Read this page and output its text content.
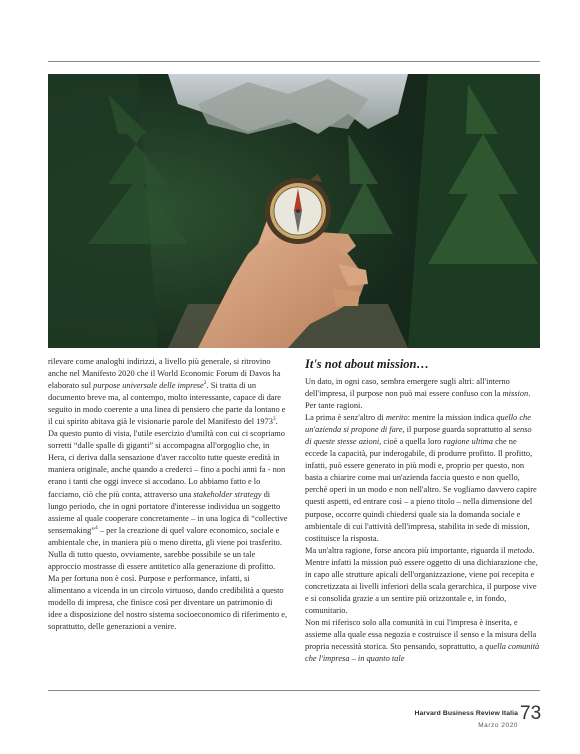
rilevare come analoghi indirizzi, a livello più generale, si ritrovino anche nel Manifesto 2020 che il World Economic Forum di Davos ha elaborato sul purpose universale delle imprese$^2$. Si tratta di un documento breve ma, al contempo, molto interessante, capace di dare seguito in modo coerente a una linea di pensiero che parte da lontano e il cui spirito abitava già le visionarie parole del Manifesto del 1973$^3$. Da questo punto di vista, l'utile esercizio d'umiltà con cui ci scopriamo sorretti “dalle spalle di giganti” si accompagna all'orgoglio che, in Hera, ci deriva dalla sensazione d'aver raccolto tutte queste eredità in maniera originale, anche quando a crederci – fino a pochi anni fa - non erano i tanti che oggi invece si accodano. Lo abbiamo fatto e lo facciamo, ciò che più conta, attraverso una stakeholder strategy di lungo periodo, che in ogni portatore d'interesse individua un soggetto assieme al quale cooperare concretamente – in una logica di “collective sensemaking”$^4$ – per la creazione di quel valore economico, sociale e ambientale che, in maniera più o meno diretta, gli viene poi trasferito. Nulla di tutto questo, ovviamente, sarebbe possibile se un tale approccio mostrasse di essere antitetico alla generazione di profitto. Ma per fortuna non è così. Purpose e performance, infatti, si alimentano a vicenda in un circolo virtuoso, dando credibilità a questo modello di impresa, che finisce così per diventare un patrimonio di idee a disposizione del nostro sistema socioeconomico di riferimento e, soprattutto, delle generazioni a venire.

It's not about mission…

Un dato, in ogni caso, sembra emergere sugli altri: all'interno dell'impresa, il purpose non può mai essere confuso con la mission. Per tante ragioni.

La prima è senz'altro di merito: mentre la mission indica quello che un'azienda si propone di fare, il purpose guarda soprattutto al senso di queste stesse azioni, cioè a quella loro ragione ultima che ne eccede la capacità, pur inderogabile, di produrre profitto. Il profitto, infatti, può essere generato in più modi e, proprio per questo, non basta a chiarire come mai un'azienda faccia questo e non quello, perché operi in un modo e non nell'altro. Se vogliamo davvero capire questi aspetti, ed entrare così – a pieno titolo – nella dimensione del purpose, occorre quindi chiedersi quale sia la domanda sociale e ambientale di cui l'attività dell'impresa, stabilita in sede di mission, costituisce la risposta.

Ma un'altra ragione, forse ancora più importante, riguarda il metodo. Mentre infatti la mission può essere oggetto di una dichiarazione che, in capo alle strutture apicali dell'organizzazione, viene poi recepita e concretizzata ai livelli inferiori della scala gerarchica, il purpose vive e si consolida grazie a un sentire più orizzontale e, in fondo, comunitario.

Non mi riferisco solo alla comunità in cui l'impresa è inserita, e assieme alla quale essa negozia e costruisce il senso e la misura della propria necessità storica. Sto pensando, soprattutto, a quella comunità che l'impresa – in quanto tale

Harvard Business Review Italia
Marzo 2020
73
